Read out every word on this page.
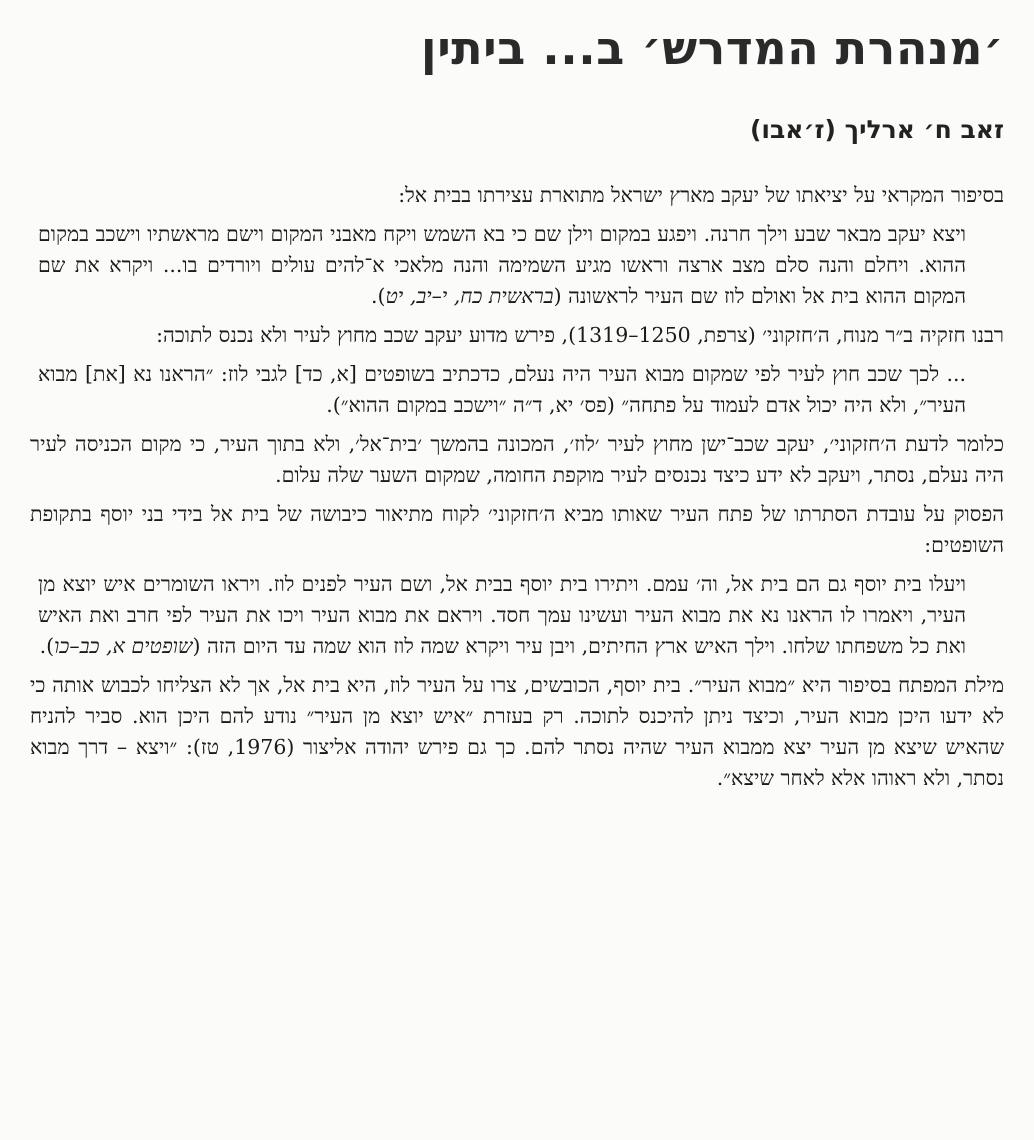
׳מנהרת המדרש׳ ב... ביתין
זאב ח׳ ארליך (ז׳אבו)

בסיפור המקראי על יציאתו של יעקב מארץ ישראל מתוארת עצירתו בבית אל:

ויצא יעקב מבאר שבע וילך חרנה. ויפגע במקום וילן שם כי בא השמש ויקח מאבני המקום וישם מראשתיו וישכב במקום ההוא. ויחלם והנה סלם מצב ארצה וראשו מגיע השמימה והנה מלאכי א־להים עולים ויורדים בו... ויקרא את שם המקום ההוא בית אל ואולם לוז שם העיר לראשונה (בראשית כח, י–יב, יט).

רבנו חזקיה ב״ר מנוח, ה׳חזקוני׳ (צרפת, 1250–1319), פירש מדוע יעקב שכב מחוץ לעיר ולא נכנס לתוכה:

... לכך שכב חוץ לעיר לפי שמקום מבוא העיר היה נעלם, כדכתיב בשופטים [א, כד] לגבי לוז: ״הראנו נא [את] מבוא העיר״, ולא היה יכול אדם לעמוד על פתחה״ (פס׳ יא, ד״ה ״וישכב במקום ההוא״).

כלומר לדעת ה׳חזקוני׳, יעקב שכב־ישן מחוץ לעיר ׳לוז׳, המכונה בהמשך ׳בית־אל׳, ולא בתוך העיר, כי מקום הכניסה לעיר היה נעלם, נסתר, ויעקב לא ידע כיצד נכנסים לעיר מוקפת החומה, שמקום השער שלה עלום.

הפסוק על עובדת הסתרתו של פתח העיר שאותו מביא ה׳חזקוני׳ לקוח מתיאור כיבושה של בית אל בידי בני יוסף בתקופת השופטים:

ויעלו בית יוסף גם הם בית אל, וה׳ עמם. ויתירו בית יוסף בבית אל, ושם העיר לפנים לוז. ויראו השומרים איש יוצא מן העיר, ויאמרו לו הראנו נא את מבוא העיר ועשינו עמך חסד. ויראם את מבוא העיר ויכו את העיר לפי חרב ואת האיש ואת כל משפחתו שלחו. וילך האיש ארץ החיתים, ויבן עיר ויקרא שמה לוז הוא שמה עד היום הזה (שופטים א, כב–כו).

מילת המפתח בסיפור היא ״מבוא העיר״. בית יוסף, הכובשים, צרו על העיר לוז, היא בית אל, אך לא הצליחו לכבוש אותה כי לא ידעו היכן מבוא העיר, וכיצד ניתן להיכנס לתוכה. רק בעזרת ״איש יוצא מן העיר״ נודע להם היכן הוא. סביר להניח שהאיש שיצא מן העיר יצא ממבוא העיר שהיה נסתר להם. כך גם פירש יהודה אליצור (1976, טז): ״ויצא – דרך מבוא נסתר, ולא ראוהו אלא לאחר שיצא״.
